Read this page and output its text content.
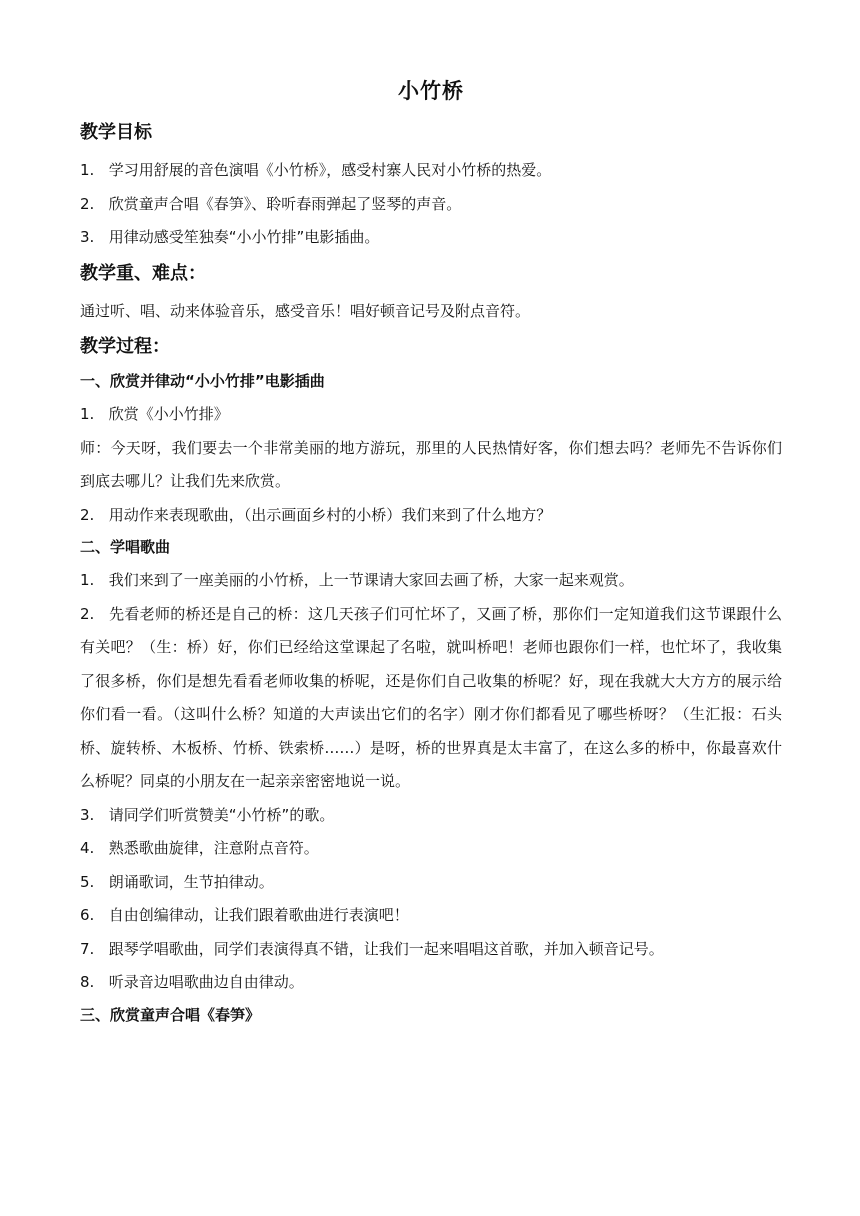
小竹桥
教学目标

1. 学习用舒展的音色演唱《小竹桥》，感受村寨人民对小竹桥的热爱。

2. 欣赏童声合唱《春笋》、聆听春雨弹起了竖琴的声音。

3. 用律动感受笙独奏“小小竹排”电影插曲。

教学重、难点：

通过听、唱、动来体验音乐，感受音乐！唱好顿音记号及附点音符。

教学过程：
一、欣赏并律动“小小竹排”电影插曲

1. 欣赏《小小竹排》

师：今天呀，我们要去一个非常美丽的地方游玩，那里的人民热情好客，你们想去吗？老师先不告诉你们到底去哪儿？让我们先来欣赏。

2. 用动作来表现歌曲，（出示画面乡村的小桥）我们来到了什么地方？

二、学唱歌曲

1. 我们来到了一座美丽的小竹桥，上一节课请大家回去画了桥，大家一起来观赏。

2. 先看老师的桥还是自己的桥：这几天孩子们可忙坏了，又画了桥，那你们一定知道我们这节课跟什么有关吧？（生：桥）好，你们已经给这堂课起了名啦，就叫桥吧！老师也跟你们一样，也忙坏了，我收集了很多桥，你们是想先看看老师收集的桥呢，还是你们自己收集的桥呢？好，现在我就大大方方的展示给你们看一看。（这叫什么桥？知道的大声读出它们的名字）刚才你们都看见了哪些桥呀？（生汇报：石头桥、旋转桥、木板桥、竹桥、铁索桥……）是呀，桥的世界真是太丰富了，在这么多的桥中，你最喜欢什么桥呢？同桌的小朋友在一起亲亲密密地说一说。

3. 请同学们听赏赞美“小竹桥”的歌。

4. 熟悉歌曲旋律，注意附点音符。

5. 朗诵歌词，生节拍律动。

6. 自由创编律动，让我们跟着歌曲进行表演吧！

7. 跟琴学唱歌曲，同学们表演得真不错，让我们一起来唱唱这首歌，并加入顿音记号。

8. 听录音边唱歌曲边自由律动。

三、欣赏童声合唱《春笋》
